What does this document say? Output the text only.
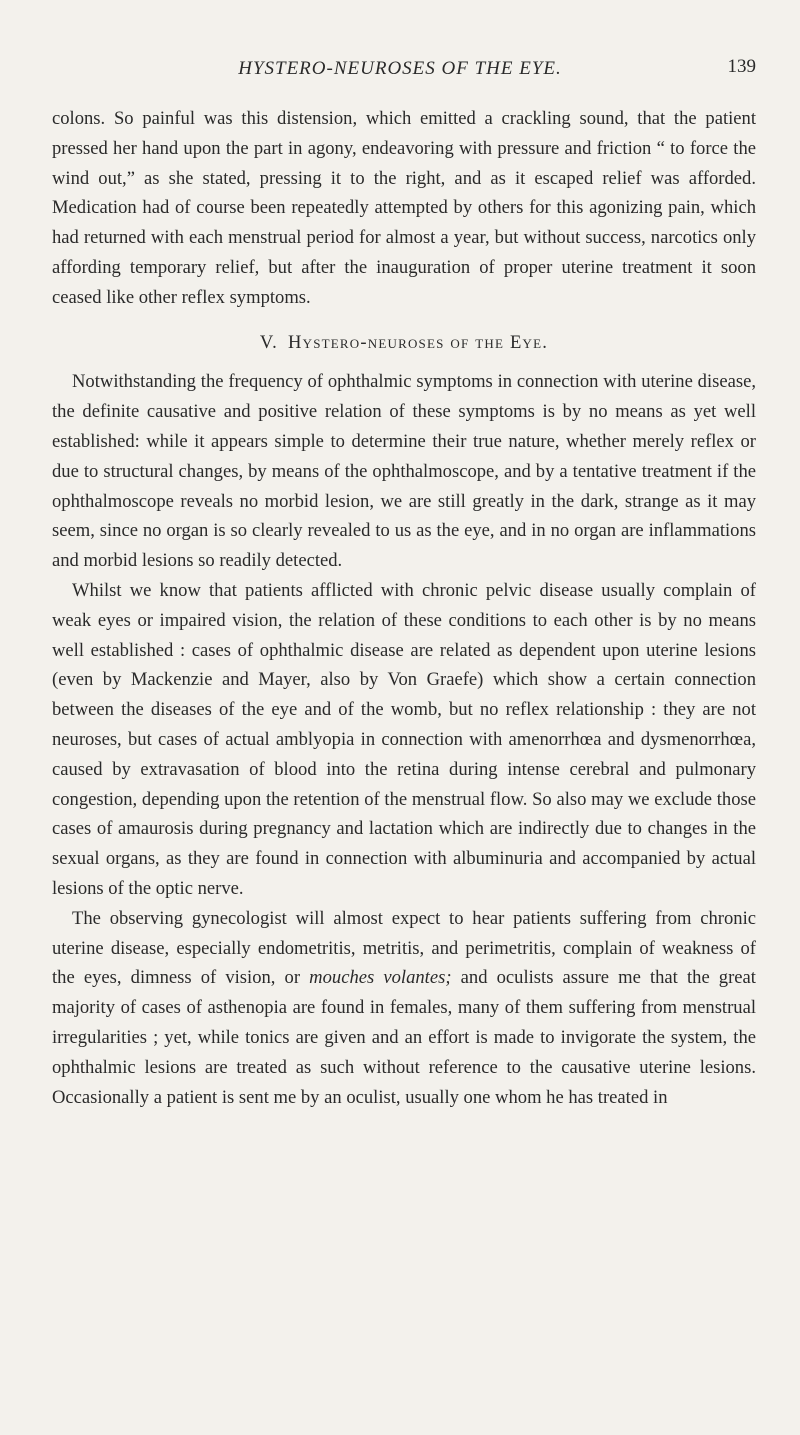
HYSTERO-NEUROSES OF THE EYE.	139

colons. So painful was this distension, which emitted a crackling sound, that the patient pressed her hand upon the part in agony, endeavoring with pressure and friction “ to force the wind out,” as she stated, pressing it to the right, and as it escaped relief was afforded. Medication had of course been repeatedly attempted by others for this agonizing pain, which had returned with each menstrual period for almost a year, but without success, narcotics only affording temporary relief, but after the inauguration of proper uterine treatment it soon ceased like other reflex symptoms.

V. Hystero-neuroses of the Eye.

Notwithstanding the frequency of ophthalmic symptoms in connection with uterine disease, the definite causative and positive relation of these symptoms is by no means as yet well established: while it appears simple to determine their true nature, whether merely reflex or due to structural changes, by means of the ophthalmoscope, and by a tentative treatment if the ophthalmoscope reveals no morbid lesion, we are still greatly in the dark, strange as it may seem, since no organ is so clearly revealed to us as the eye, and in no organ are inflammations and morbid lesions so readily detected.

Whilst we know that patients afflicted with chronic pelvic disease usually complain of weak eyes or impaired vision, the relation of these conditions to each other is by no means well established : cases of ophthalmic disease are related as dependent upon uterine lesions (even by Mackenzie and Mayer, also by Von Graefe) which show a certain connection between the diseases of the eye and of the womb, but no reflex relationship : they are not neuroses, but cases of actual amblyopia in connection with amenorrhœa and dysmenorrhœa, caused by extravasation of blood into the retina during intense cerebral and pulmonary congestion, depending upon the retention of the menstrual flow. So also may we exclude those cases of amaurosis during pregnancy and lactation which are indirectly due to changes in the sexual organs, as they are found in connection with albuminuria and accompanied by actual lesions of the optic nerve.

The observing gynecologist will almost expect to hear patients suffering from chronic uterine disease, especially endometritis, metritis, and perimetritis, complain of weakness of the eyes, dimness of vision, or mouches volantes; and oculists assure me that the great majority of cases of asthenopia are found in females, many of them suffering from menstrual irregularities ; yet, while tonics are given and an effort is made to invigorate the system, the ophthalmic lesions are treated as such without reference to the causative uterine lesions. Occasionally a patient is sent me by an oculist, usually one whom he has treated in
